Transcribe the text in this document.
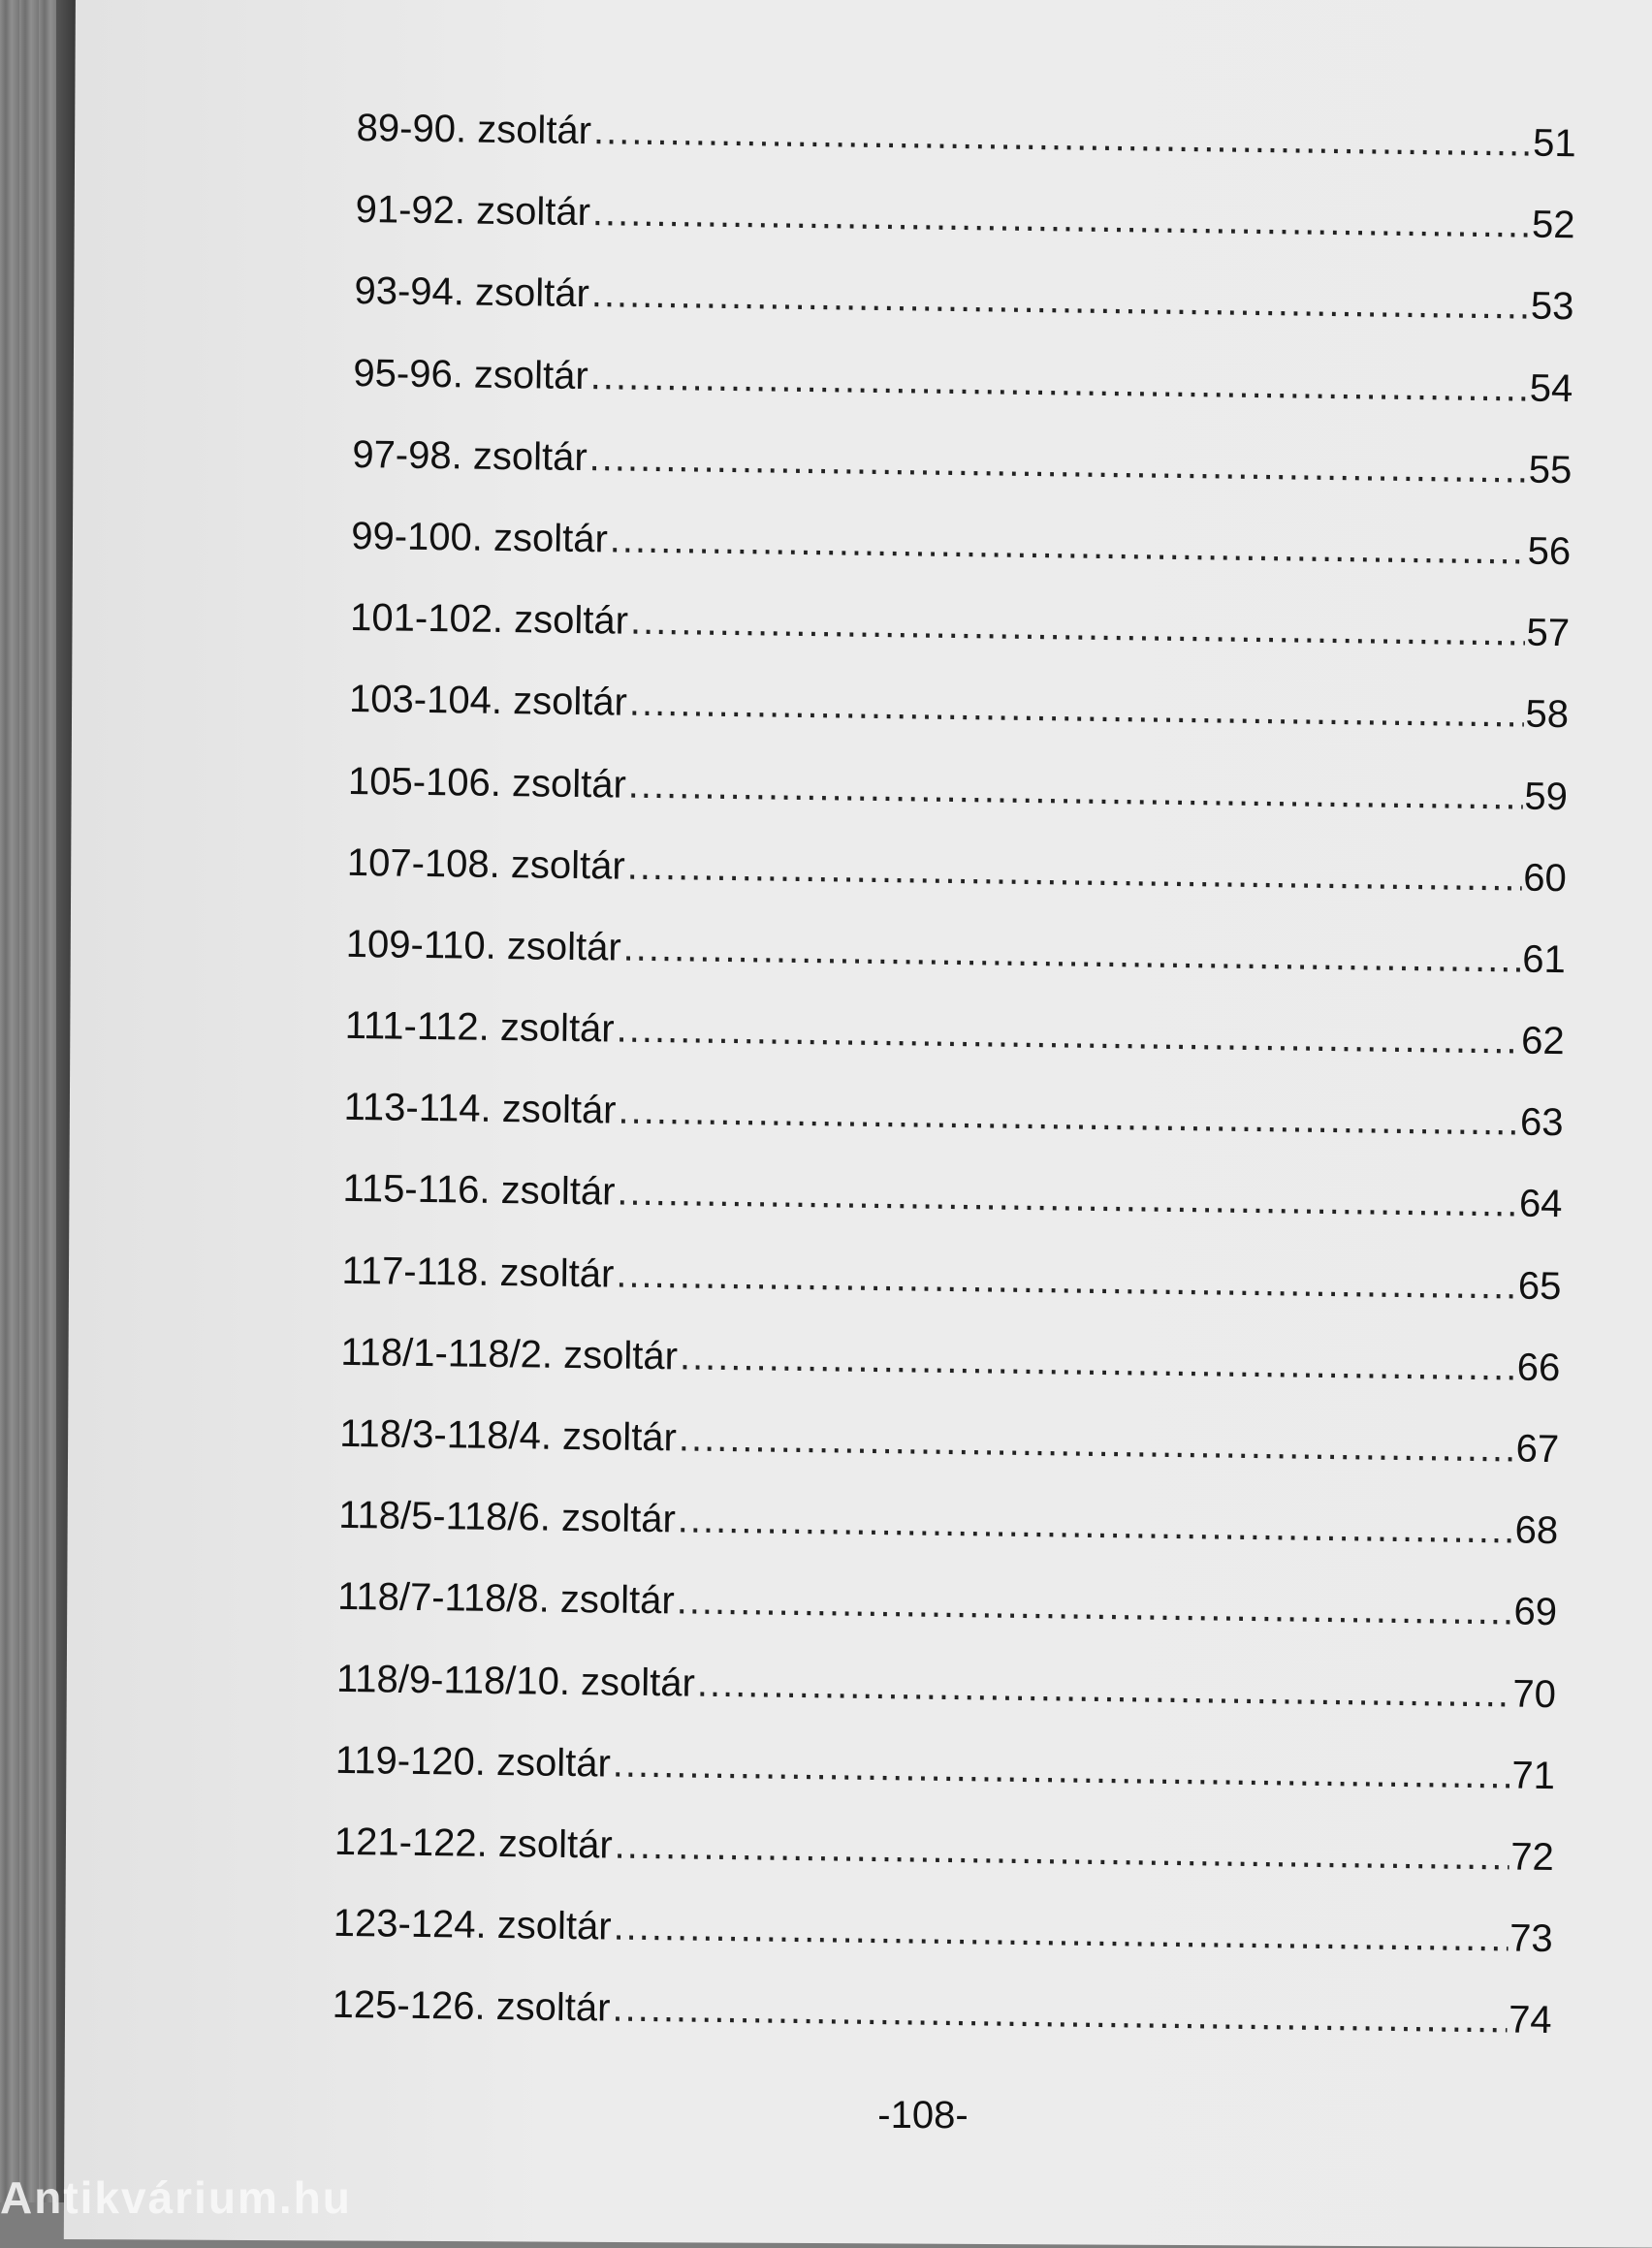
89-90. zsoltár .....	51
91-92. zsoltár .....	52
93-94. zsoltár .....	53
95-96. zsoltár .....	54
97-98. zsoltár .....	55
99-100. zsoltár .....	56
101-102. zsoltár .....	57
103-104. zsoltár .....	58
105-106. zsoltár .....	59
107-108. zsoltár .....	60
109-110. zsoltár .....	61
111-112. zsoltár .....	62
113-114. zsoltár .....	63
115-116. zsoltár .....	64
117-118. zsoltár .....	65
118/1-118/2. zsoltár .....	66
118/3-118/4. zsoltár .....	67
118/5-118/6. zsoltár .....	68
118/7-118/8. zsoltár .....	69
118/9-118/10. zsoltár .....	70
119-120. zsoltár .....	71
121-122. zsoltár .....	72
123-124. zsoltár .....	73
125-126. zsoltár .....	74
-108-
Antikvárium.hu
